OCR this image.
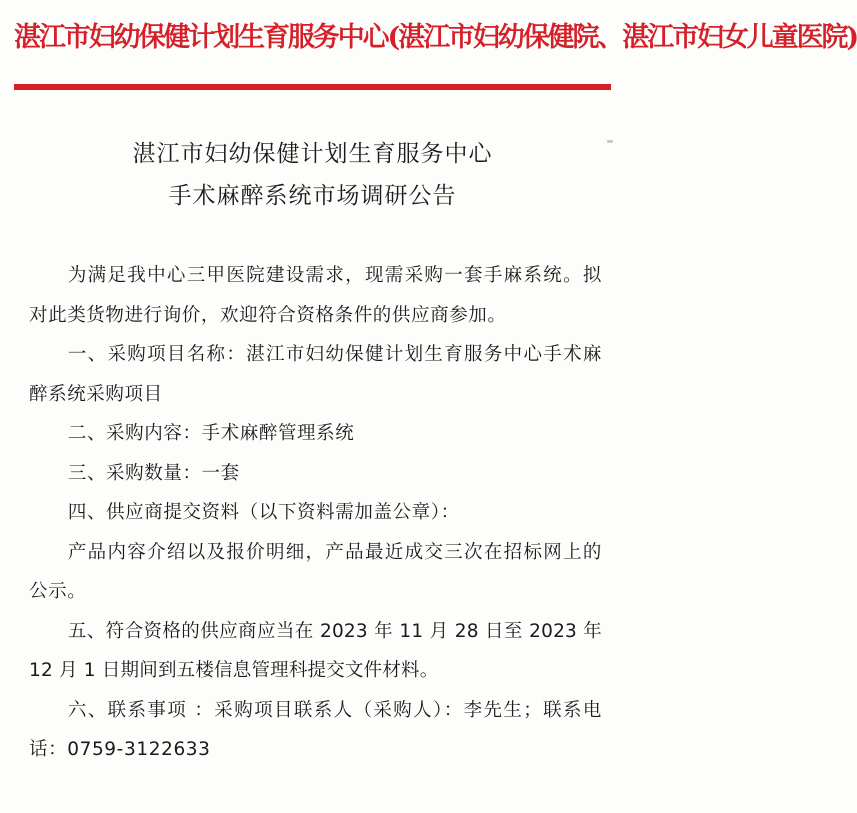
湛江市妇幼保健计划生育服务中心(湛江市妇幼保健院、湛江市妇女儿童医院)
湛江市妇幼保健计划生育服务中心
手术麻醉系统市场调研公告

为满足我中心三甲医院建设需求，现需采购一套手麻系统。拟对此类货物进行询价，欢迎符合资格条件的供应商参加。

一、采购项目名称：湛江市妇幼保健计划生育服务中心手术麻醉系统采购项目

二、采购内容：手术麻醉管理系统

三、采购数量：一套

四、供应商提交资料（以下资料需加盖公章）：

产品内容介绍以及报价明细，产品最近成交三次在招标网上的公示。

五、符合资格的供应商应当在 2023 年 11 月 28 日至 2023 年 12 月 1 日期间到五楼信息管理科提交文件材料。

六、联系事项 ：采购项目联系人（采购人）：李先生；联系电话：0759-3122633
